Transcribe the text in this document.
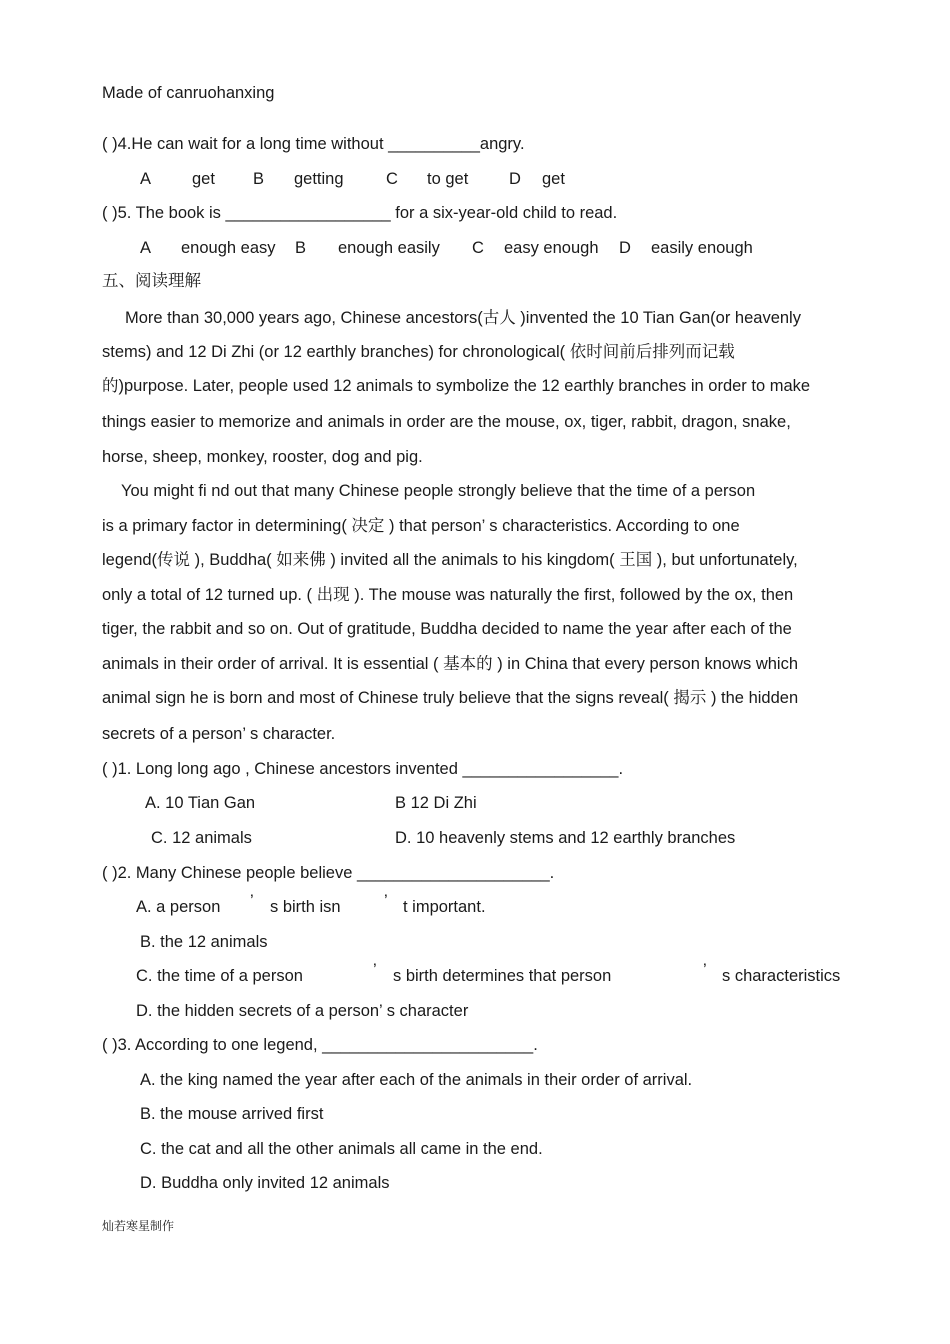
Made of canruohanxing
( )4.He can wait for a long time without __________angry.
A get B getting	C to get D get
( )5. The book is __________________ for a six-year-old child to read.
A enough easy B enough easily C easy enough D easily enough
五、阅读理解
More than 30,000 years ago, Chinese ancestors(古人 )invented the 10 Tian Gan(or heavenly
stems) and 12 Di Zhi (or 12 earthly branches) for chronological( 依时间前后排列而记载
的)purpose. Later, people used 12 animals to symbolize the 12 earthly branches in order to make
things easier to memorize and animals in order are the mouse, ox, tiger, rabbit, dragon, snake,
horse, sheep, monkey, rooster, dog and pig.
You might fi nd out that many Chinese people strongly believe that the time of a person
is a primary factor in determining( 决定 ) that person’ s characteristics. According to one
legend(传说 ), Buddha( 如来佛 ) invited all the animals to his kingdom( 王国 ), but unfortunately,
only a total of 12 turned up. ( 出现 ). The mouse was naturally the first, followed by the ox, then
tiger, the rabbit and so on. Out of gratitude, Buddha decided to name the year after each of the
animals in their order of arrival. It is essential ( 基本的 ) in China that every person knows which
animal sign he is born and most of Chinese truly believe that the signs reveal( 揭示 ) the hidden
secrets of a person’ s character.
( )1. Long long ago , Chinese ancestors invented _________________.
A. 10 Tian Gan	B 12 Di Zhi
C. 12 animals	D. 10 heavenly stems and 12 earthly branches
( )2. Many Chinese people believe _____________________.
A. a person ’ s birth isn	’ t important.
B. the 12 animals
C. the time of a person	’ s birth determines that person	’ s characteristics
D. the hidden secrets of a person’ s character
( )3. According to one legend, _______________________.
A. the king named the year after each of the animals in their order of arrival.
B. the mouse arrived first
C. the cat and all the other animals all came in the end.
D. Buddha only invited 12 animals
灿若寒星制作
